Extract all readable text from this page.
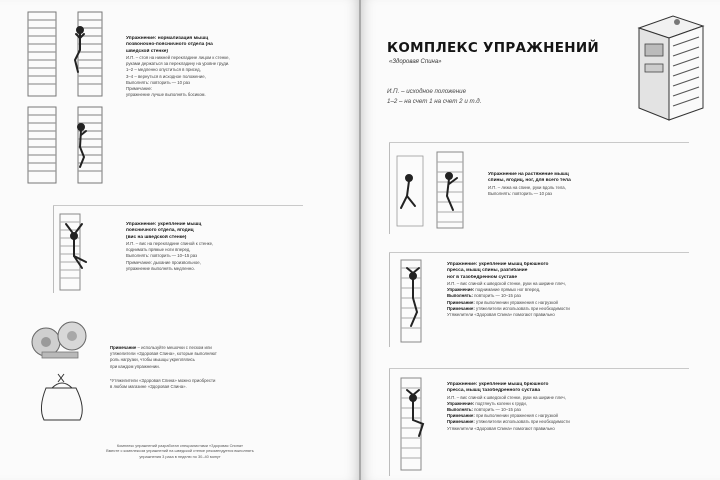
Упражнение: нормализация мышц
позвоночно-поясничного отдела (на
шведской стенке)
И.П. – стоя на нижней перекладине лицом к стенке,
руками держаться за перекладину на уровне груди.
1–2 – медленно опуститься в присед,
3–4 – вернуться в исходное положение,
Выполнять: повторить — 10 раз
Примечание:
упражнение лучше выполнять босиком.
Упражнение: укрепление мышц
поясничного отдела, ягодиц
(вис на шведской стенке)
И.П. – вис на перекладине спиной к стенке,
поднимать прямые ноги вперед,
Выполнять: повторить — 10–15 раз
Примечание: дыхание произвольное,
упражнение выполнять медленно.
Примечание – используйте мешочки с песком или
утяжелители «Здоровая Спина», которые выполняют
роль нагрузки, чтобы мышцы укреплялись
при каждом упражнении.
*Утяжелители «Здоровая Спина» можно приобрести
в любом магазине «Здоровая Спина».
Комплекс упражнений разработан специалистами «Здоровая Спина»
Вместе с комплексом упражнений на шведской стенке рекомендуется выполнять
упражнения 3 раза в неделю по 30–40 минут
КОМПЛЕКС УПРАЖНЕНИЙ
«Здоровая Спина»
И.П. – исходное положение
1–2 – на счет 1 на счет 2 и т.д.
Упражнение на растяжение мышц
спины, ягодиц, ног, для всего тела
И.П. – лежа на спине, руки вдоль тела,
Выполнять: повторить — 10 раз
Упражнение: укрепление мышц брюшного
пресса, мышц спины, разгибание
ног в тазобедренном суставе
И.П. – вис спиной к шведской стенке, руки на ширине плеч,
Упражнение: поднимание прямых ног вперед,
Выполнять: повторить — 10–15 раз
Примечание: при выполнении упражнения с нагрузкой
Примечание: утяжелители использовать при необходимости
Утяжелители «Здоровая Спина» помогают правильно
Упражнение: укрепление мышц брюшного
пресса, мышц тазобедренного сустава
И.П. – вис спиной к шведской стенке, руки на ширине плеч,
Упражнение: подтянуть колени к груди,
Выполнять: повторить — 10–15 раз
Примечание: при выполнении упражнения с нагрузкой
Примечание: утяжелители использовать при необходимости
Утяжелители «Здоровая Спина» помогают правильно
